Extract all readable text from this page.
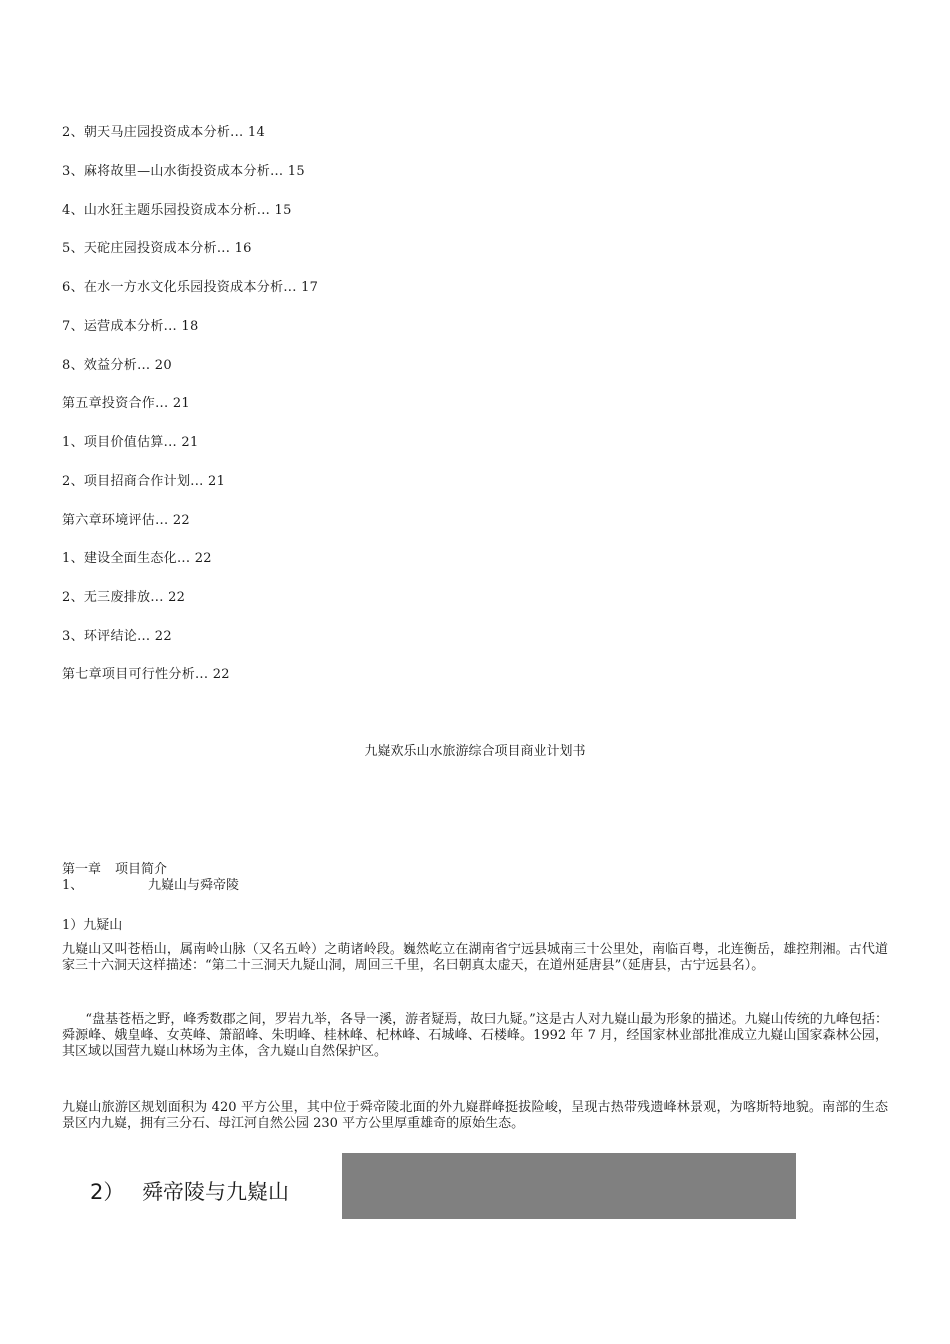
2、朝天马庄园投资成本分析... 14
3、麻将故里—山水街投资成本分析... 15
4、山水狂主题乐园投资成本分析... 15
5、天砣庄园投资成本分析... 16
6、在水一方水文化乐园投资成本分析... 17
7、运营成本分析... 18
8、效益分析... 20
第五章投资合作... 21
1、项目价值估算... 21
2、项目招商合作计划... 21
第六章环境评估... 22
1、建设全面生态化... 22
2、无三废排放... 22
3、环评结论... 22
第七章项目可行性分析... 22
九嶷欢乐山水旅游综合项目商业计划书
第一章 项目简介
1、	九嶷山与舜帝陵
1）九疑山

九嶷山又叫苍梧山，属南岭山脉（又名五岭）之萌诸岭段。巍然屹立在湖南省宁远县城南三十公里处，南临百粤，北连衡岳，雄控荆湘。古代道家三十六洞天这样描述：“第二十三洞天九疑山洞，周回三千里，名曰朝真太虚天，在道州延唐县”（延唐县，古宁远县名）。

“盘基苍梧之野，峰秀数郡之间，罗岩九举，各导一溪，游者疑焉，故曰九疑。”这是古人对九嶷山最为形象的描述。九嶷山传统的九峰包括：舜源峰、娥皇峰、女英峰、箫韶峰、朱明峰、桂林峰、杞林峰、石城峰、石楼峰。1992 年 7 月，经国家林业部批准成立九嶷山国家森林公园，其区域以国营九嶷山林场为主体，含九嶷山自然保护区。

九嶷山旅游区规划面积为 420 平方公里，其中位于舜帝陵北面的外九嶷群峰挺拔险峻，呈现古热带残遗峰林景观，为喀斯特地貌。南部的生态景区内九嶷，拥有三分石、母江河自然公园 230 平方公里厚重雄奇的原始生态。

2） 舜帝陵与九嶷山
